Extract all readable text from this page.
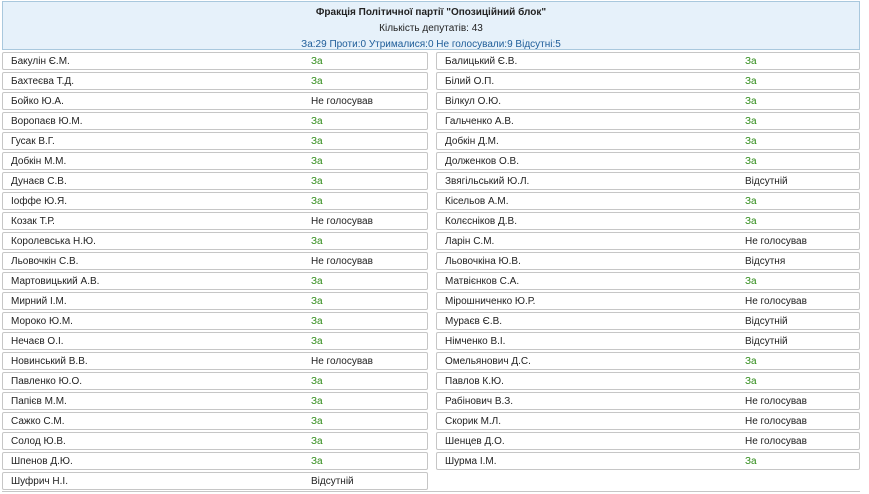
Фракція Політичної партії "Опозиційний блок"
Кількість депутатів: 43
За:29 Проти:0 Утрималися:0 Не голосували:9 Відсутні:5
Бакулін Є.М.	За
Бахтеєва Т.Д.	За
Бойко Ю.А.	Не голосував
Воропаєв Ю.М.	За
Гусак В.Г.	За
Добкін М.М.	За
Дунаєв С.В.	За
Іоффе Ю.Я.	За
Козак Т.Р.	Не голосував
Королевська Н.Ю.	За
Льовочкін С.В.	Не голосував
Мартовицький А.В.	За
Мирний І.М.	За
Мороко Ю.М.	За
Нечаєв О.І.	За
Новинський В.В.	Не голосував
Павленко Ю.О.	За
Папієв М.М.	За
Сажко С.М.	За
Солод Ю.В.	За
Шпенов Д.Ю.	За
Шуфрич Н.І.	Відсутній
Балицький Є.В.	За
Білий О.П.	За
Вілкул О.Ю.	За
Гальченко А.В.	За
Добкін Д.М.	За
Долженков О.В.	За
Звягільський Ю.Л.	Відсутній
Кісельов А.М.	За
Колєсніков Д.В.	За
Ларін С.М.	Не голосував
Льовочкіна Ю.В.	Відсутня
Матвієнков С.А.	За
Мірошниченко Ю.Р.	Не голосував
Мураєв Є.В.	Відсутній
Німченко В.І.	Відсутній
Омельянович Д.С.	За
Павлов К.Ю.	За
Рабінович В.З.	Не голосував
Скорик М.Л.	Не голосував
Шенцев Д.О.	Не голосував
Шурма І.М.	За
